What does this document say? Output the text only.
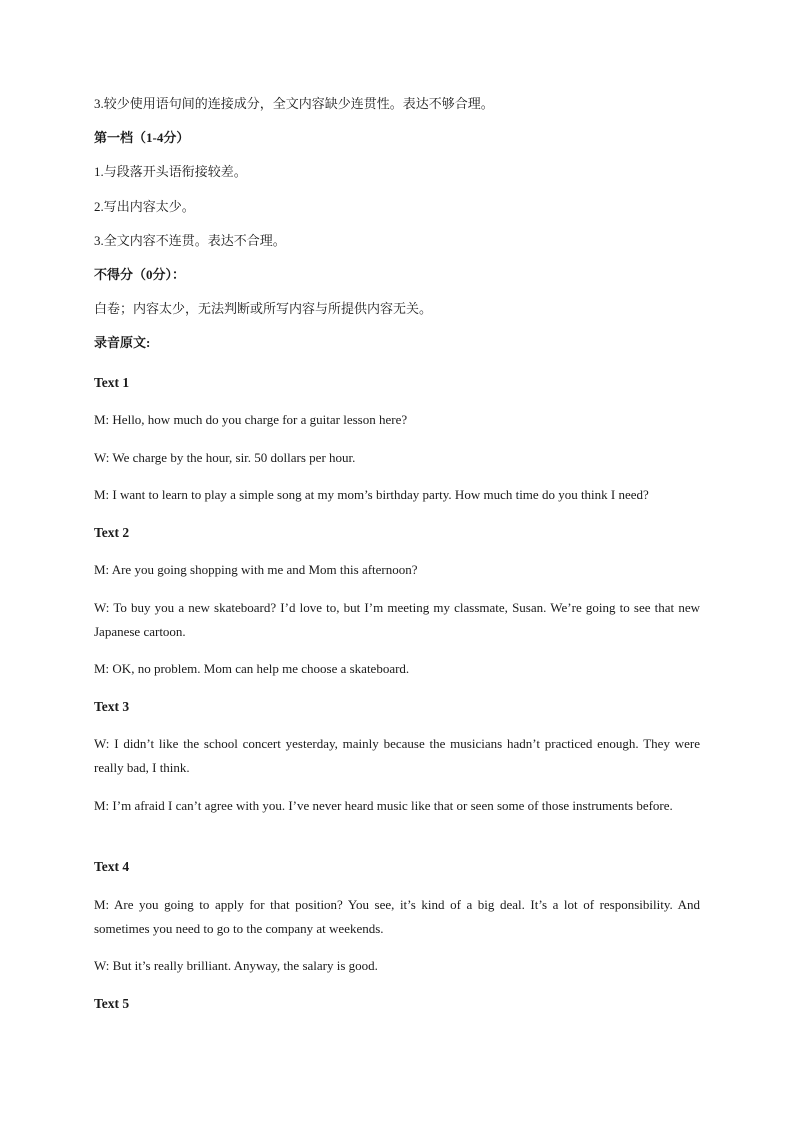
3.较少使用语句间的连接成分，全文内容缺少连贯性。表达不够合理。
第一档（1-4分）
1.与段落开头语衔接较差。
2.写出内容太少。
3.全文内容不连贯。表达不合理。
不得分（0分）：
白卷；内容太少，无法判断或所写内容与所提供内容无关。
录音原文:
Text 1
M: Hello, how much do you charge for a guitar lesson here?
W: We charge by the hour, sir. 50 dollars per hour.
M: I want to learn to play a simple song at my mom’s birthday party. How much time do you think I need?
Text 2
M: Are you going shopping with me and Mom this afternoon?
W: To buy you a new skateboard? I’d love to, but I’m meeting my classmate, Susan. We’re going to see that new Japanese cartoon.
M: OK, no problem. Mom can help me choose a skateboard.
Text 3
W: I didn’t like the school concert yesterday, mainly because the musicians hadn’t practiced enough. They were really bad, I think.
M: I’m afraid I can’t agree with you. I’ve never heard music like that or seen some of those instruments before.
Text 4
M: Are you going to apply for that position? You see, it’s kind of a big deal. It’s a lot of responsibility. And sometimes you need to go to the company at weekends.
W: But it’s really brilliant. Anyway, the salary is good.
Text 5
